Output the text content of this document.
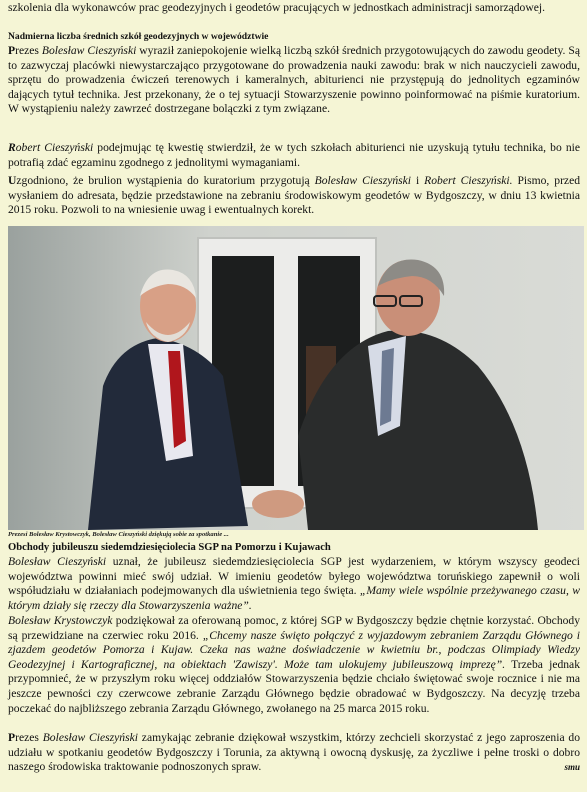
szkolenia dla wykonawców prac geodezyjnych i geodetów pracujących w jednostkach administracji samorządowej.

Nadmierna liczba średnich szkół geodezyjnych w województwie

Prezes Bolesław Cieszyński wyraził zaniepokojenie wielką liczbą szkół średnich przygotowujących do zawodu geodety. Są to zazwyczaj placówki niewystarczająco przygotowane do prowadzenia nauki zawodu: brak w nich nauczycieli zawodu, sprzętu do prowadzenia ćwiczeń terenowych i kameralnych, abiturienci nie przystępują do jednolitych egzaminów dających tytuł technika. Jest przekonany, że o tej sytuacji Stowarzyszenie powinno poinformować na piśmie kuratorium. W wystąpieniu należy zawrzeć dostrzegane bolączki z tym związane.

Robert Cieszyński podejmując tę kwestię stwierdził, że w tych szkołach abiturienci nie uzyskują tytułu technika, bo nie potrafią zdać egzaminu zgodnego z jednolitymi wymaganiami.

Uzgodniono, że brulion wystąpienia do kuratorium przygotują Bolesław Cieszyński i Robert Cieszyński. Pismo, przed wysłaniem do adresata, będzie przedstawione na zebraniu środowiskowym geodetów w Bydgoszczy, w dniu 13 kwietnia 2015 roku. Pozwoli to na wniesienie uwag i ewentualnych korekt.

Prezesi Bolesław Krystowczyk, Bolesław Cieszyński dziękują sobie za spotkanie ...
Obchody jubileuszu siedemdziesięciolecia SGP na Pomorzu i Kujawach

Bolesław Cieszyński uznał, że jubileusz siedemdziesięciolecia SGP jest wydarzeniem, w którym wszyscy geodeci województwa powinni mieć swój udział. W imieniu geodetów byłego województwa toruńskiego zapewnił o woli współudziału w działaniach podejmowanych dla uświetnienia tego święta. „Mamy wiele wspólnie przeżywanego czasu, w którym działy się rzeczy dla Stowarzyszenia ważne”.

Bolesław Krystowczyk podziękował za oferowaną pomoc, z której SGP w Bydgoszczy będzie chętnie korzystać. Obchody są przewidziane na czerwiec roku 2016. „Chcemy nasze święto połączyć z wyjazdowym zebraniem Zarządu Głównego i zjazdem geodetów Pomorza i Kujaw. Czeka nas ważne doświadczenie w kwietniu br., podczas Olimpiady Wiedzy Geodezyjnej i Kartograficznej, na obiektach 'Zawiszy'. Może tam ulokujemy jubileuszową imprezę”. Trzeba jednak przypomnieć, że w przyszłym roku więcej oddziałów Stowarzyszenia będzie chciało świętować swoje rocznice i nie ma jeszcze pewności czy czerwcowe zebranie Zarządu Głównego będzie obradować w Bydgoszczy. Na decyzję trzeba poczekać do najbliższego zebrania Zarządu Głównego, zwołanego na 25 marca 2015 roku.

Prezes Bolesław Cieszyński zamykając zebranie dziękował wszystkim, którzy zechcieli skorzystać z jego zaproszenia do udziału w spotkaniu geodetów Bydgoszczy i Torunia, za aktywną i owocną dyskusję, za życzliwe i pełne troski o dobro naszego środowiska traktowanie podnoszonych spraw.	smu
